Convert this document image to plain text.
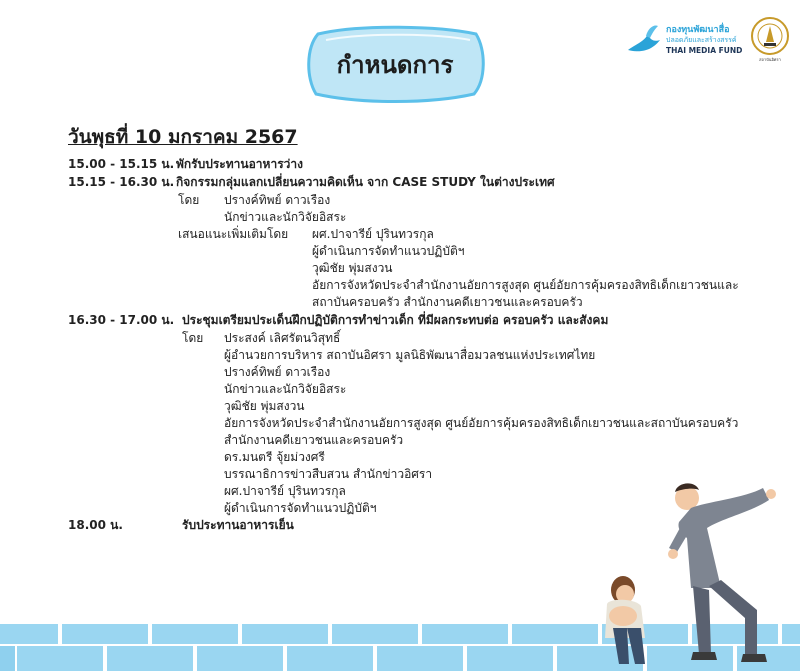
กำหนดการ
กองทุนพัฒนาสื่อ
ปลอดภัยและสร้างสรรค์
THAI MEDIA FUND
สถาบันอิศรา
วันพุธที่ 10 มกราคม 2567
15.00 - 15.15 น. พักรับประทานอาหารว่าง
15.15 - 16.30 น. กิจกรรมกลุ่มแลกเปลี่ยนความคิดเห็น จาก CASE STUDY ในต่างประเทศ
โดย ปรางค์ทิพย์ ดาวเรือง
นักข่าวและนักวิจัยอิสระ
เสนอแนะเพิ่มเติมโดย ผศ.ปาจารีย์ ปุรินทวรกุล
ผู้ดำเนินการจัดทำแนวปฏิบัติฯ
วุฒิชัย พุ่มสงวน
อัยการจังหวัดประจำสำนักงานอัยการสูงสุด ศูนย์อัยการคุ้มครองสิทธิเด็กเยาวชนและ
สถาบันครอบครัว สำนักงานคดีเยาวชนและครอบครัว
16.30 - 17.00 น. ประชุมเตรียมประเด็นฝึกปฏิบัติการทำข่าวเด็ก ที่มีผลกระทบต่อ ครอบครัว และสังคม
โดย ประสงค์ เลิศรัตนวิสุทธิ์
ผู้อำนวยการบริหาร สถาบันอิศรา มูลนิธิพัฒนาสื่อมวลชนแห่งประเทศไทย
ปรางค์ทิพย์ ดาวเรือง
นักข่าวและนักวิจัยอิสระ
วุฒิชัย พุ่มสงวน
อัยการจังหวัดประจำสำนักงานอัยการสูงสุด ศูนย์อัยการคุ้มครองสิทธิเด็กเยาวชนและสถาบันครอบครัว
สำนักงานคดีเยาวชนและครอบครัว
ดร.มนตรี จุ้ยม่วงศรี
บรรณาธิการข่าวสืบสวน สำนักข่าวอิศรา
ผศ.ปาจารีย์ ปุรินทวรกุล
ผู้ดำเนินการจัดทำแนวปฏิบัติฯ
18.00 น.	รับประทานอาหารเย็น
